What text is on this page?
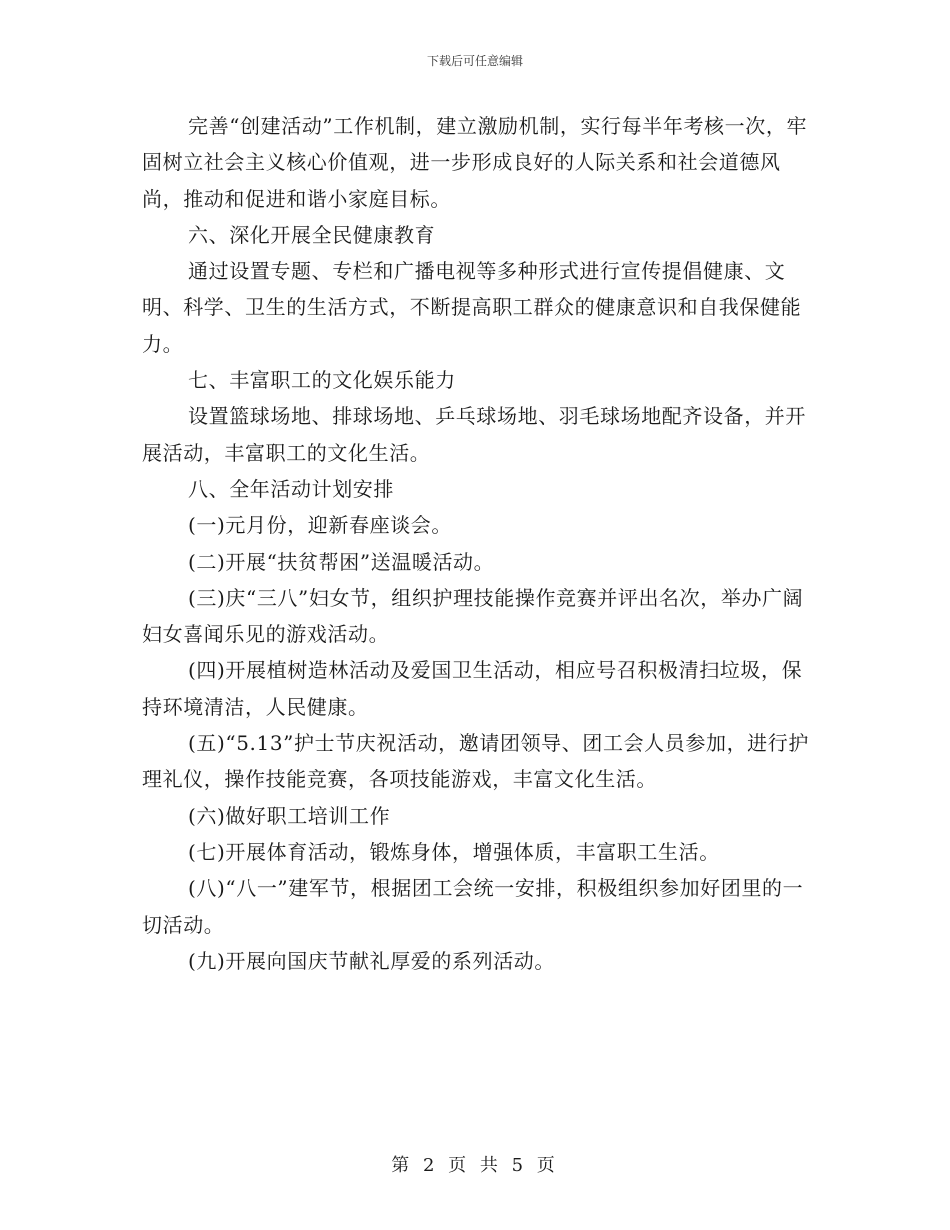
下载后可任意编辑

完善“创建活动”工作机制，建立激励机制，实行每半年考核一次，牢固树立社会主义核心价值观，进一步形成良好的人际关系和社会道德风尚，推动和促进和谐小家庭目标。

六、深化开展全民健康教育

通过设置专题、专栏和广播电视等多种形式进行宣传提倡健康、文明、科学、卫生的生活方式，不断提高职工群众的健康意识和自我保健能力。

七、丰富职工的文化娱乐能力

设置篮球场地、排球场地、乒乓球场地、羽毛球场地配齐设备，并开展活动，丰富职工的文化生活。

八、全年活动计划安排

(一)元月份，迎新春座谈会。

(二)开展“扶贫帮困”送温暖活动。

(三)庆“三八”妇女节，组织护理技能操作竞赛并评出名次，举办广阔妇女喜闻乐见的游戏活动。

(四)开展植树造林活动及爱国卫生活动，相应号召积极清扫垃圾，保持环境清洁，人民健康。

(五)“5.13”护士节庆祝活动，邀请团领导、团工会人员参加，进行护理礼仪，操作技能竞赛，各项技能游戏，丰富文化生活。

(六)做好职工培训工作

(七)开展体育活动，锻炼身体，增强体质，丰富职工生活。

(八)“八一”建军节，根据团工会统一安排，积极组织参加好团里的一切活动。

(九)开展向国庆节献礼厚爱的系列活动。

第 2 页 共 5 页
